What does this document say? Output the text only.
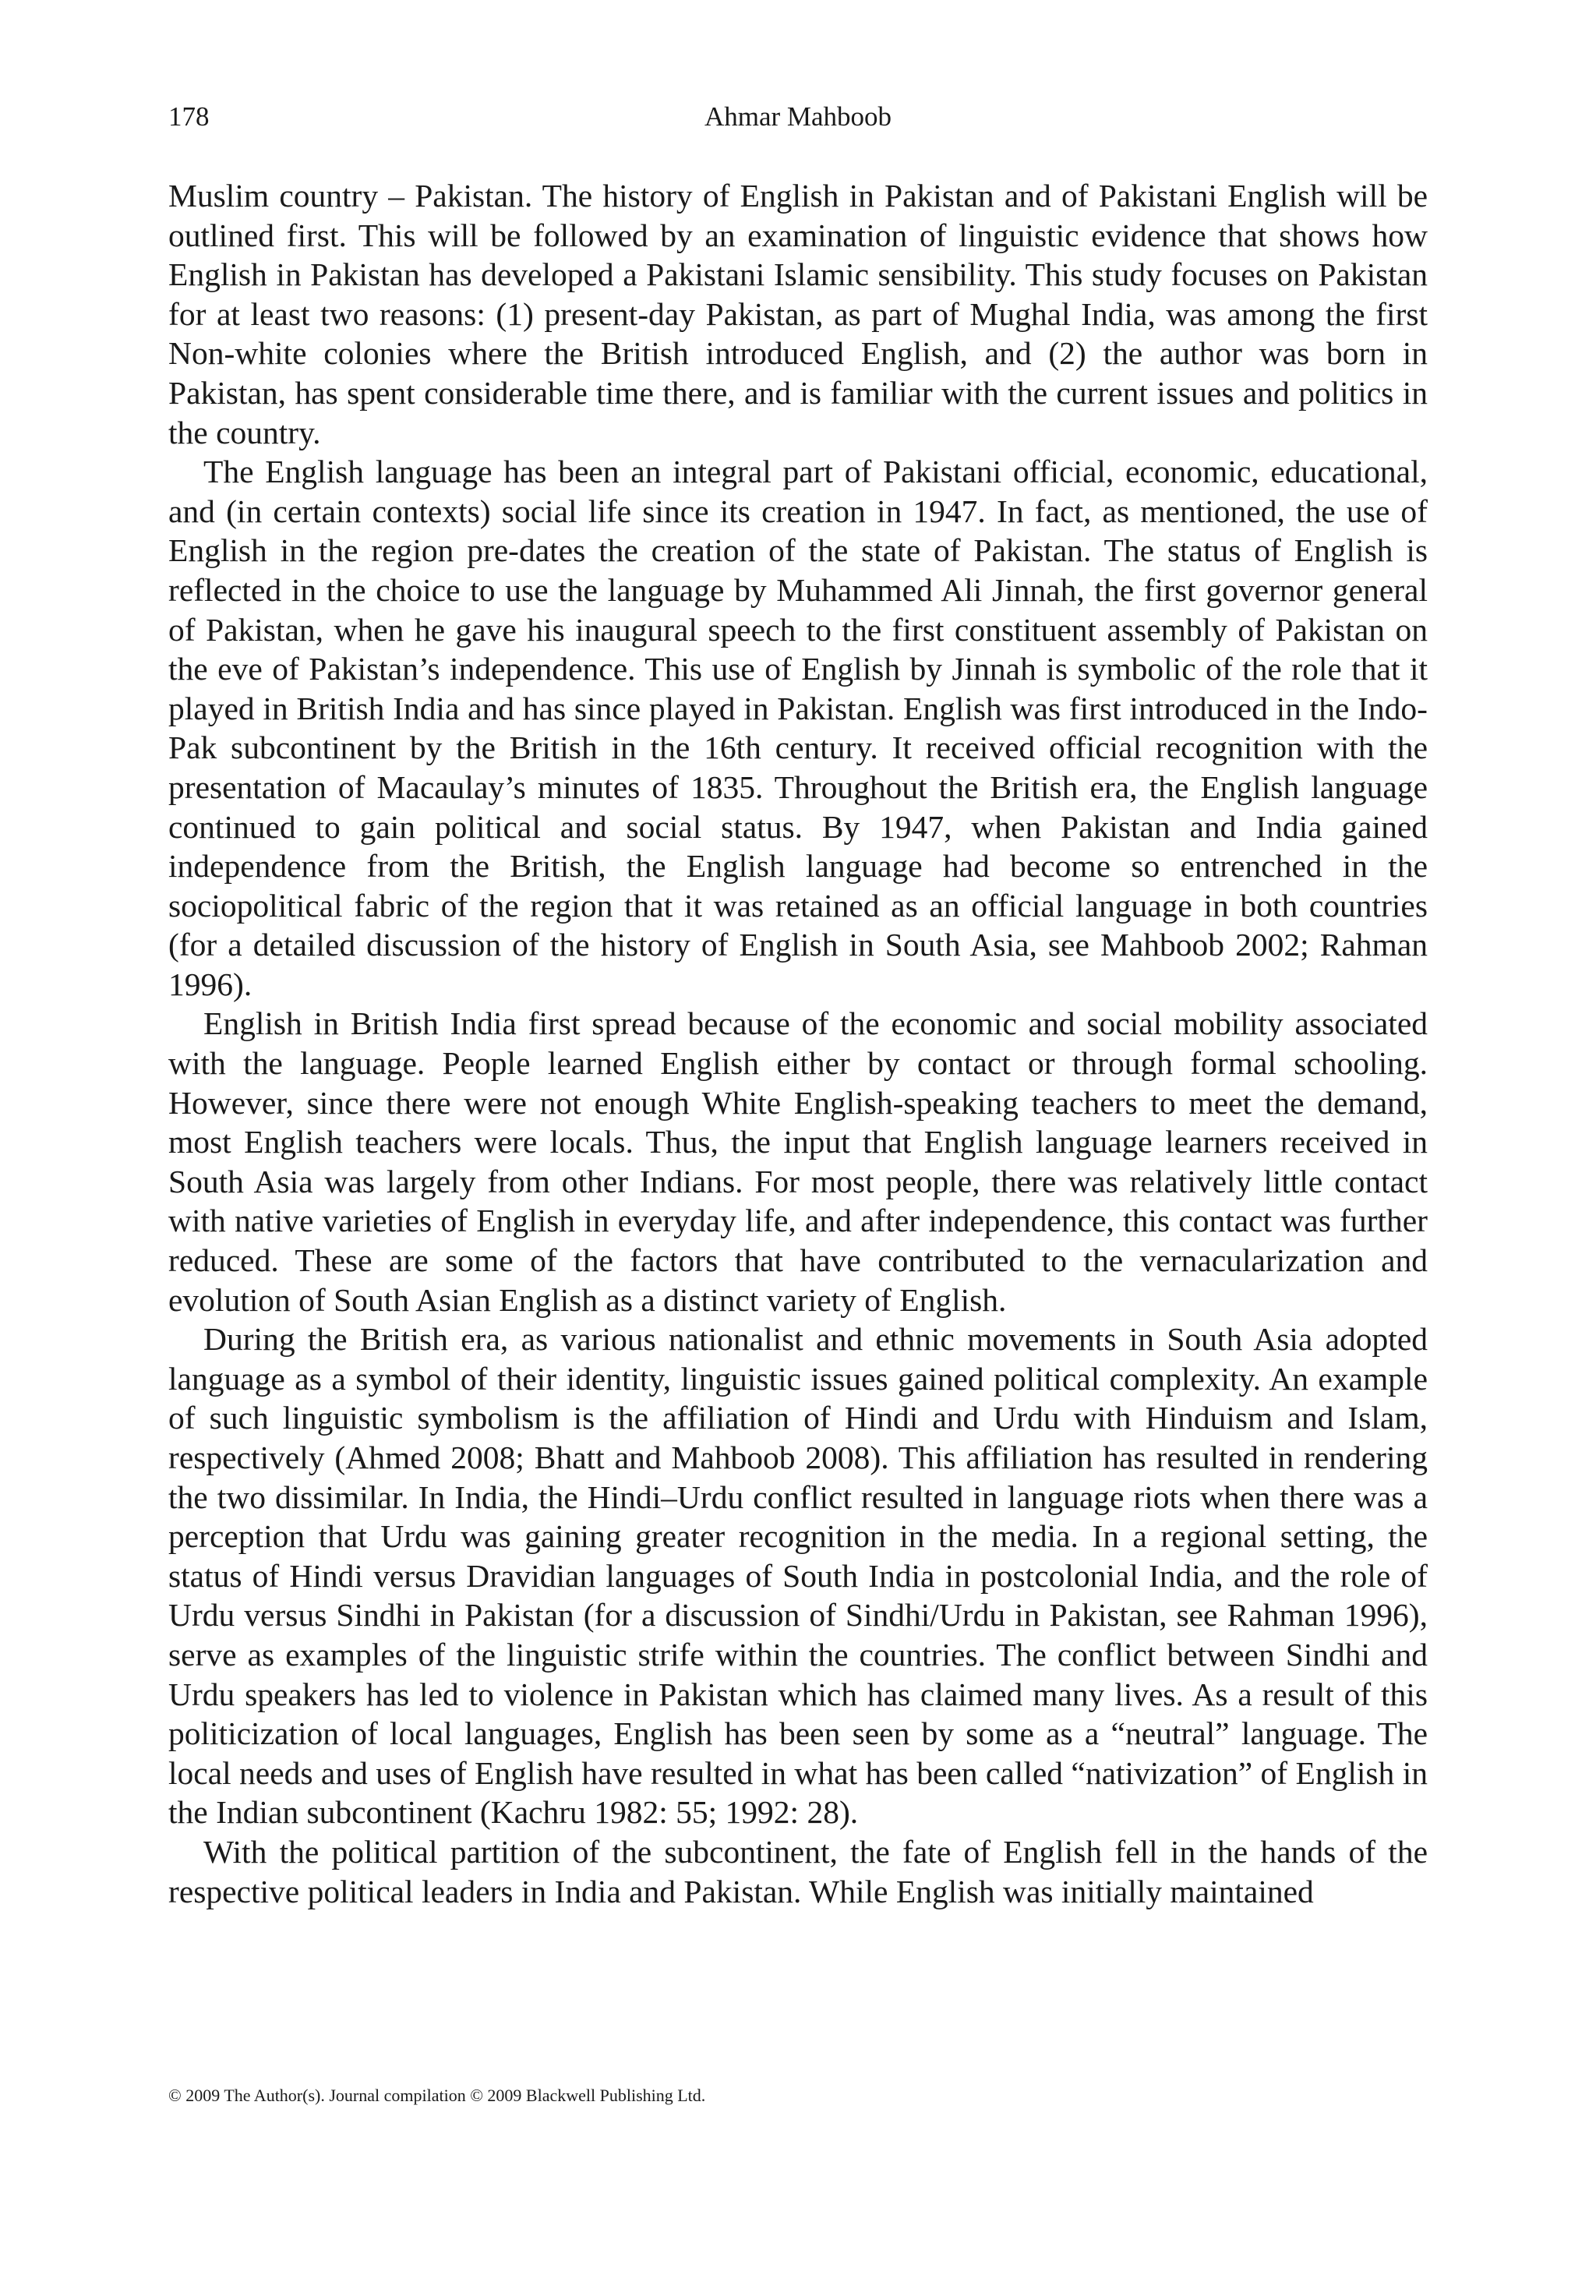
178	Ahmar Mahboob

Muslim country – Pakistan. The history of English in Pakistan and of Pakistani English will be outlined first. This will be followed by an examination of linguistic evidence that shows how English in Pakistan has developed a Pakistani Islamic sensibility. This study focuses on Pakistan for at least two reasons: (1) present-day Pakistan, as part of Mughal India, was among the first Non-white colonies where the British introduced English, and (2) the author was born in Pakistan, has spent considerable time there, and is familiar with the current issues and politics in the country.

The English language has been an integral part of Pakistani official, economic, educational, and (in certain contexts) social life since its creation in 1947. In fact, as mentioned, the use of English in the region pre-dates the creation of the state of Pakistan. The status of English is reflected in the choice to use the language by Muhammed Ali Jinnah, the first governor general of Pakistan, when he gave his inaugural speech to the first constituent assembly of Pakistan on the eve of Pakistan’s independence. This use of English by Jinnah is symbolic of the role that it played in British India and has since played in Pakistan. English was first introduced in the Indo-Pak subcontinent by the British in the 16th century. It received official recognition with the presentation of Macaulay’s minutes of 1835. Throughout the British era, the English language continued to gain political and social status. By 1947, when Pakistan and India gained independence from the British, the English language had become so entrenched in the sociopolitical fabric of the region that it was retained as an official language in both countries (for a detailed discussion of the history of English in South Asia, see Mahboob 2002; Rahman 1996).

English in British India first spread because of the economic and social mobility associated with the language. People learned English either by contact or through formal schooling. However, since there were not enough White English-speaking teachers to meet the demand, most English teachers were locals. Thus, the input that English language learners received in South Asia was largely from other Indians. For most people, there was relatively little contact with native varieties of English in everyday life, and after independence, this contact was further reduced. These are some of the factors that have contributed to the vernacularization and evolution of South Asian English as a distinct variety of English.

During the British era, as various nationalist and ethnic movements in South Asia adopted language as a symbol of their identity, linguistic issues gained political complexity. An example of such linguistic symbolism is the affiliation of Hindi and Urdu with Hinduism and Islam, respectively (Ahmed 2008; Bhatt and Mahboob 2008). This affiliation has resulted in rendering the two dissimilar. In India, the Hindi–Urdu conflict resulted in language riots when there was a perception that Urdu was gaining greater recognition in the media. In a regional setting, the status of Hindi versus Dravidian languages of South India in postcolonial India, and the role of Urdu versus Sindhi in Pakistan (for a discussion of Sindhi/Urdu in Pakistan, see Rahman 1996), serve as examples of the linguistic strife within the countries. The conflict between Sindhi and Urdu speakers has led to violence in Pakistan which has claimed many lives. As a result of this politicization of local languages, English has been seen by some as a “neutral” language. The local needs and uses of English have resulted in what has been called “nativization” of English in the Indian subcontinent (Kachru 1982: 55; 1992: 28).

With the political partition of the subcontinent, the fate of English fell in the hands of the respective political leaders in India and Pakistan. While English was initially maintained

© 2009 The Author(s). Journal compilation © 2009 Blackwell Publishing Ltd.
